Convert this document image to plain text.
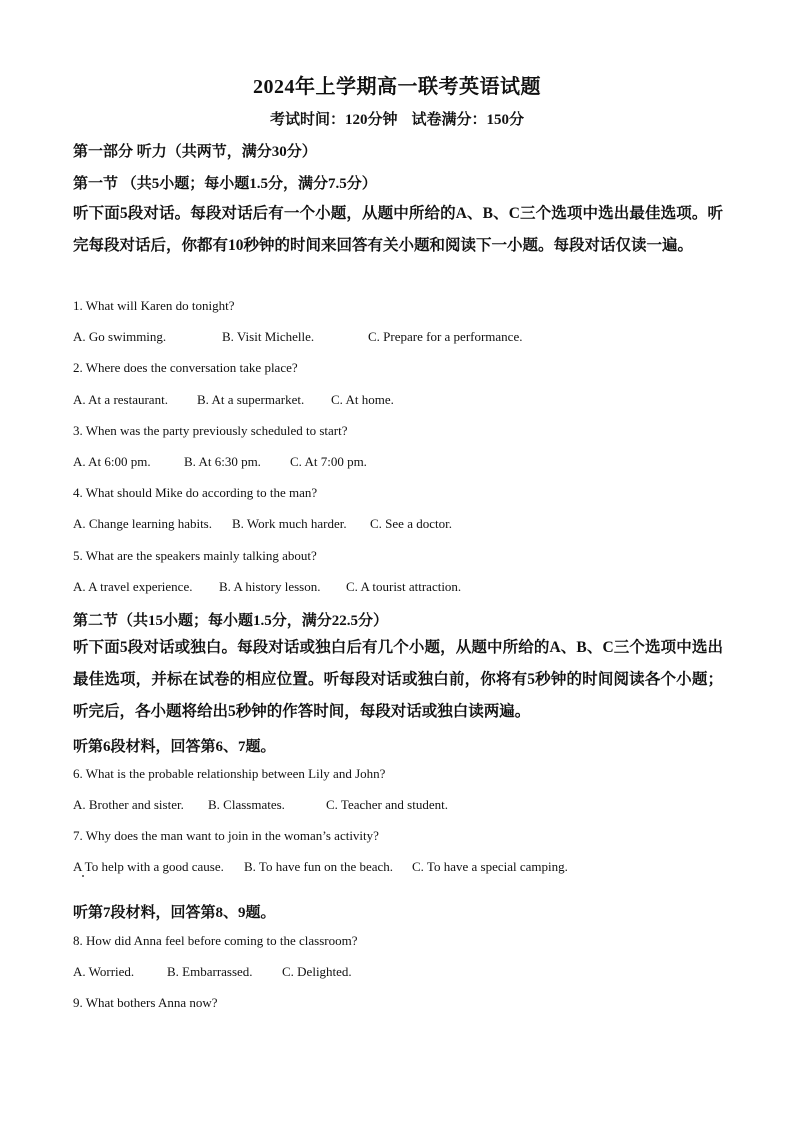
2024年上学期高一联考英语试题
考试时间：120分钟 试卷满分：150分
第一部分 听力（共两节，满分30分）
第一节 （共5小题；每小题1.5分，满分7.5分）
听下面5段对话。每段对话后有一个小题，从题中所给的A、B、C三个选项中选出最佳选项。听完每段对话后，你都有10秒钟的时间来回答有关小题和阅读下一小题。每段对话仅读一遍。
1. What will Karen do tonight?
A. Go swimming.	B. Visit Michelle.	C. Prepare for a performance.
2. Where does the conversation take place?
A. At a restaurant. B. At a supermarket. C. At home.
3. When was the party previously scheduled to start?
A. At 6:00 pm.	B. At 6:30 pm. C. At 7:00 pm.
4. What should Mike do according to the man?
A. Change learning habits. B. Work much harder. C. See a doctor.
5. What are the speakers mainly talking about?
A. A travel experience. B. A history lesson. C. A tourist attraction.
第二节（共15小题；每小题1.5分，满分22.5分）
听下面5段对话或独白。每段对话或独白后有几个小题，从题中所给的A、B、C三个选项中选出最佳选项，并标在试卷的相应位置。听每段对话或独白前，你将有5秒钟的时间阅读各个小题；听完后，各小题将给出5秒钟的作答时间，每段对话或独白读两遍。
听第6段材料，回答第6、7题。
6. What is the probable relationship between Lily and John?
A. Brother and sister. B. Classmates.	C. Teacher and student.
7. Why does the man want to join in the woman’s activity?
A To help with a good cause. B. To have fun on the beach. C. To have a special camping.
听第7段材料，回答第8、9题。
8. How did Anna feel before coming to the classroom?
A. Worried.	B. Embarrassed. C. Delighted.
9. What bothers Anna now?
